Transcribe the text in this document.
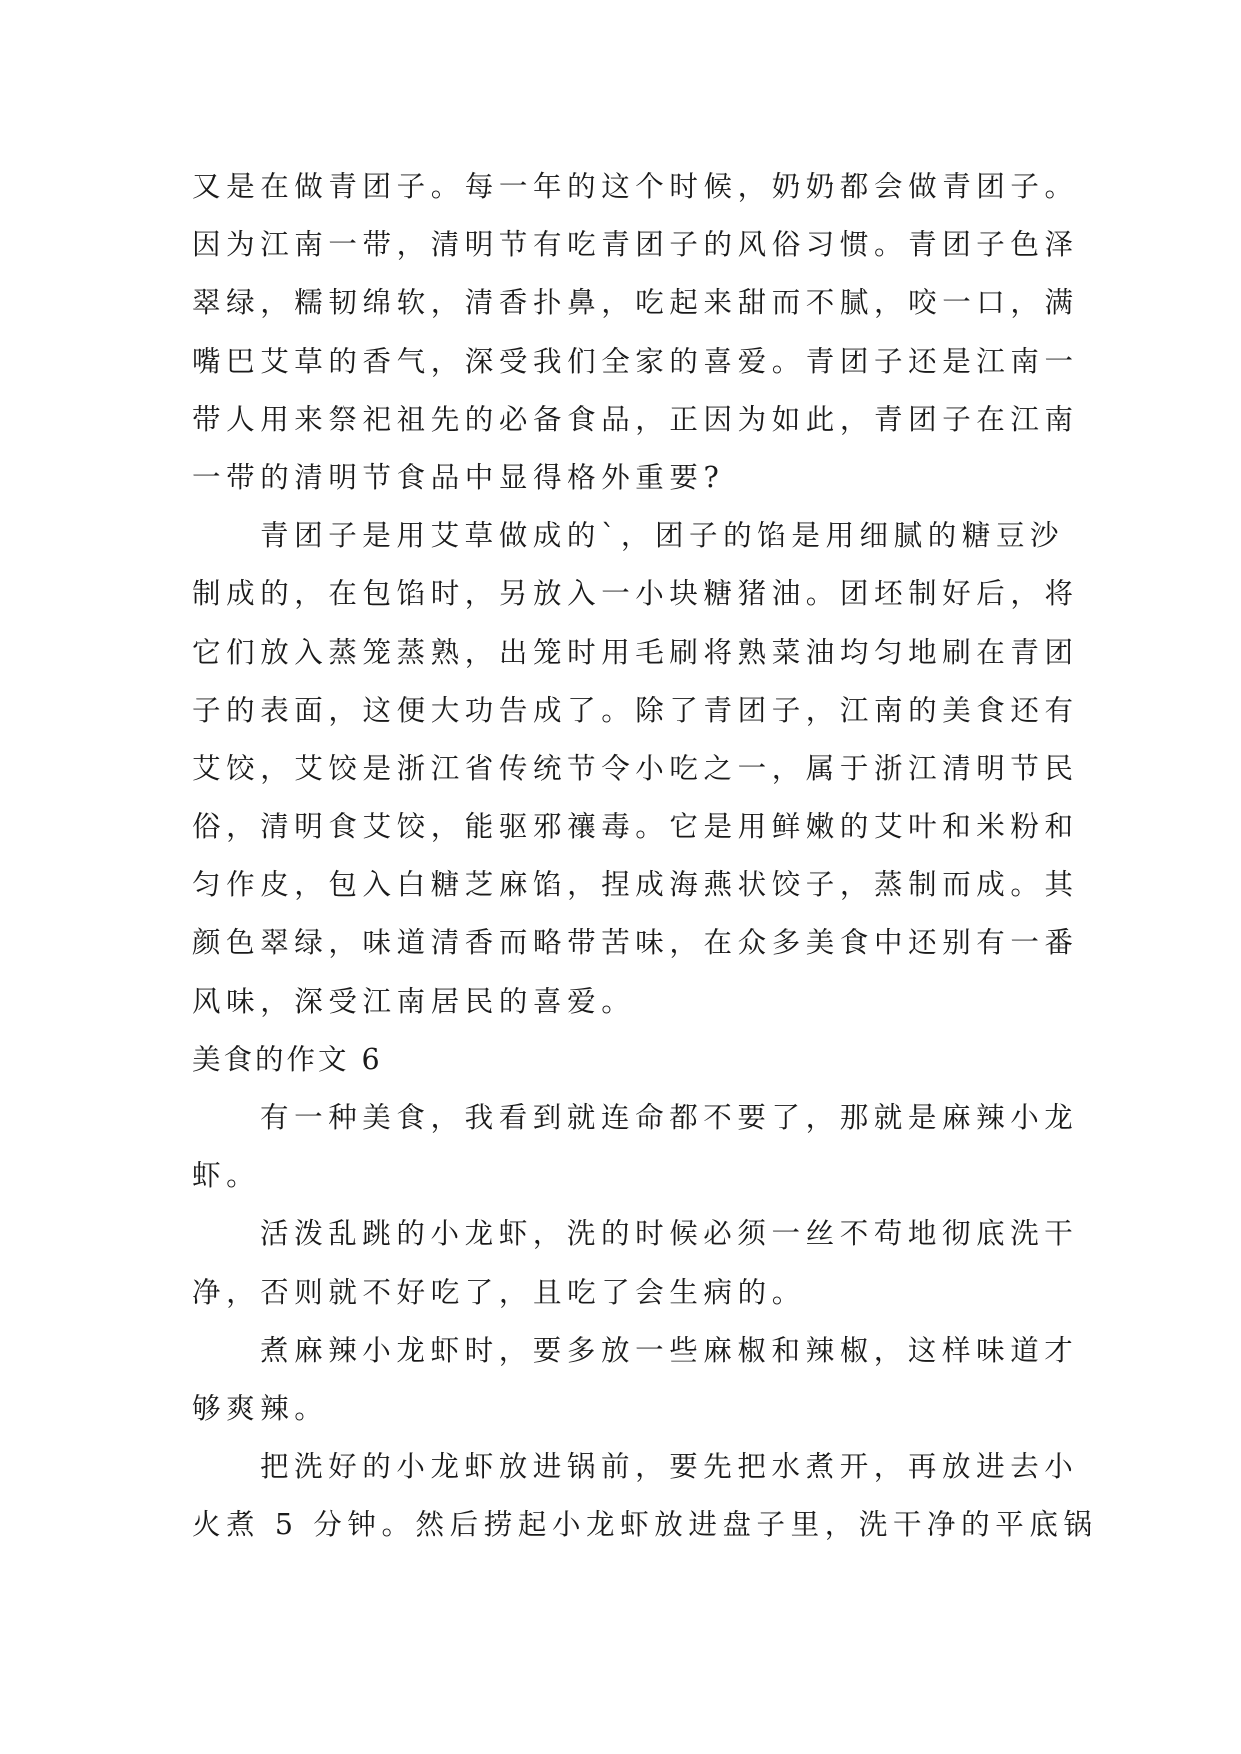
又是在做青团子。每一年的这个时候，奶奶都会做青团子。
因为江南一带，清明节有吃青团子的风俗习惯。青团子色泽
翠绿，糯韧绵软，清香扑鼻，吃起来甜而不腻，咬一口，满
嘴巴艾草的香气，深受我们全家的喜爱。青团子还是江南一
带人用来祭祀祖先的必备食品，正因为如此，青团子在江南
一带的清明节食品中显得格外重要?
青团子是用艾草做成的`，团子的馅是用细腻的糖豆沙
制成的，在包馅时，另放入一小块糖猪油。团坯制好后，将
它们放入蒸笼蒸熟，出笼时用毛刷将熟菜油均匀地刷在青团
子的表面，这便大功告成了。除了青团子，江南的美食还有
艾饺，艾饺是浙江省传统节令小吃之一，属于浙江清明节民
俗，清明食艾饺，能驱邪禳毒。它是用鲜嫩的艾叶和米粉和
匀作皮，包入白糖芝麻馅，捏成海燕状饺子，蒸制而成。其
颜色翠绿，味道清香而略带苦味，在众多美食中还别有一番
风味，深受江南居民的喜爱。
美食的作文 6
有一种美食，我看到就连命都不要了，那就是麻辣小龙
虾。
活泼乱跳的小龙虾，洗的时候必须一丝不苟地彻底洗干
净，否则就不好吃了，且吃了会生病的。
煮麻辣小龙虾时，要多放一些麻椒和辣椒，这样味道才
够爽辣。
把洗好的小龙虾放进锅前，要先把水煮开，再放进去小
火煮 5 分钟。然后捞起小龙虾放进盘子里，洗干净的平底锅
